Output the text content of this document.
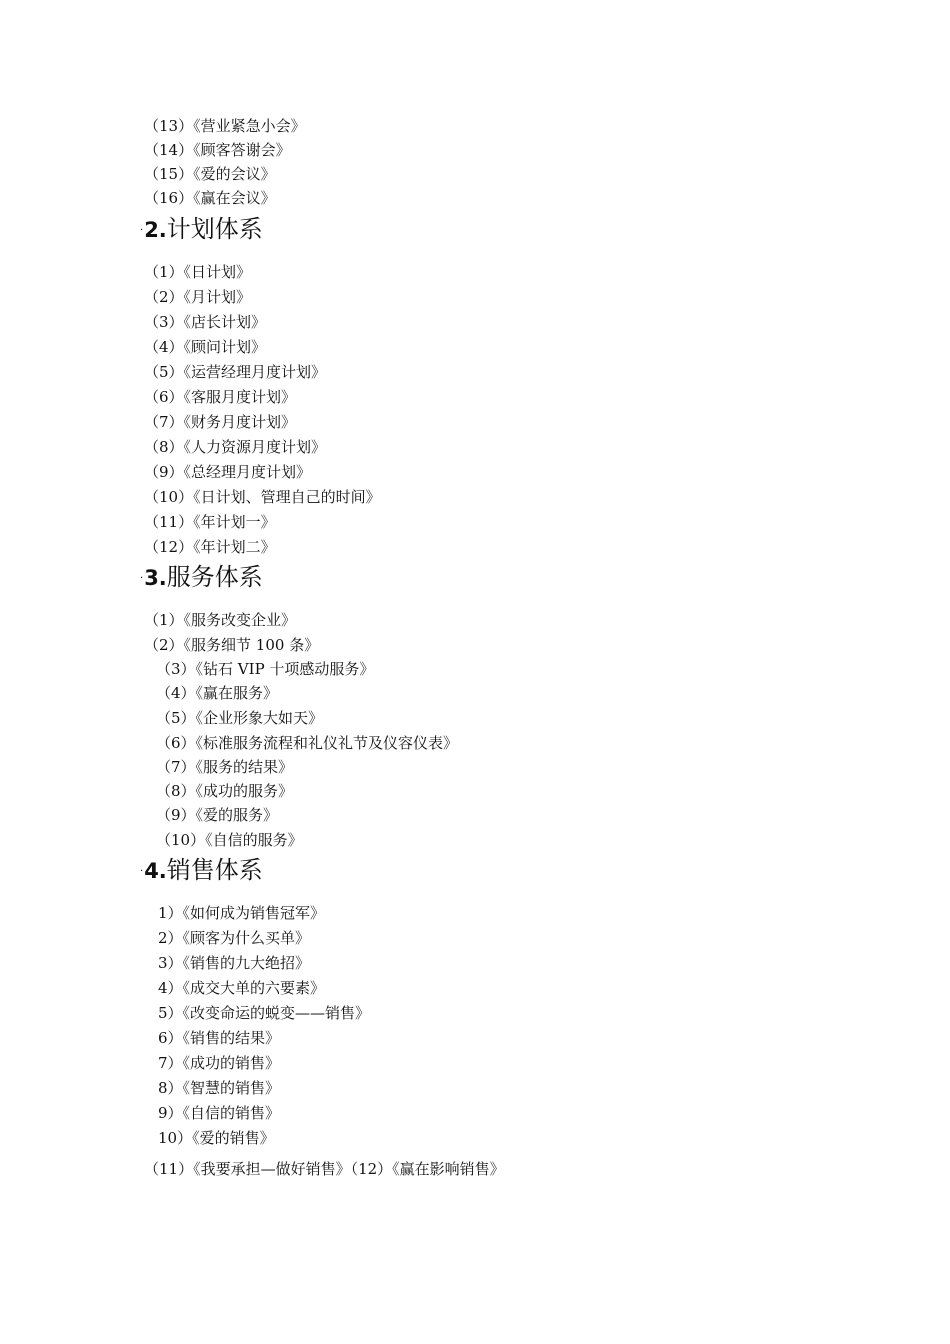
（13）《营业紧急小会》
（14）《顾客答谢会》
（15）《爱的会议》
（16）《赢在会议》
·2.计划体系
（1）《日计划》
（2）《月计划》
（3）《店长计划》
（4）《顾问计划》
（5）《运营经理月度计划》
（6）《客服月度计划》
（7）《财务月度计划》
（8）《人力资源月度计划》
（9）《总经理月度计划》
（10）《日计划、管理自己的时间》
（11）《年计划一》
（12）《年计划二》
·3.服务体系
（1）《服务改变企业》
（2）《服务细节 100 条》
（3）《钻石 VIP 十项感动服务》
（4）《赢在服务》
（5）《企业形象大如天》
（6）《标准服务流程和礼仪礼节及仪容仪表》
（7）《服务的结果》
（8）《成功的服务》
（9）《爱的服务》
（10）《自信的服务》
·4.销售体系
1）《如何成为销售冠军》
2）《顾客为什么买单》
3）《销售的九大绝招》
4）《成交大单的六要素》
5）《改变命运的蜕变——销售》
6）《销售的结果》
7）《成功的销售》
8）《智慧的销售》
9）《自信的销售》
10）《爱的销售》
（11）《我要承担—做好销售》（12）《赢在影响销售》
